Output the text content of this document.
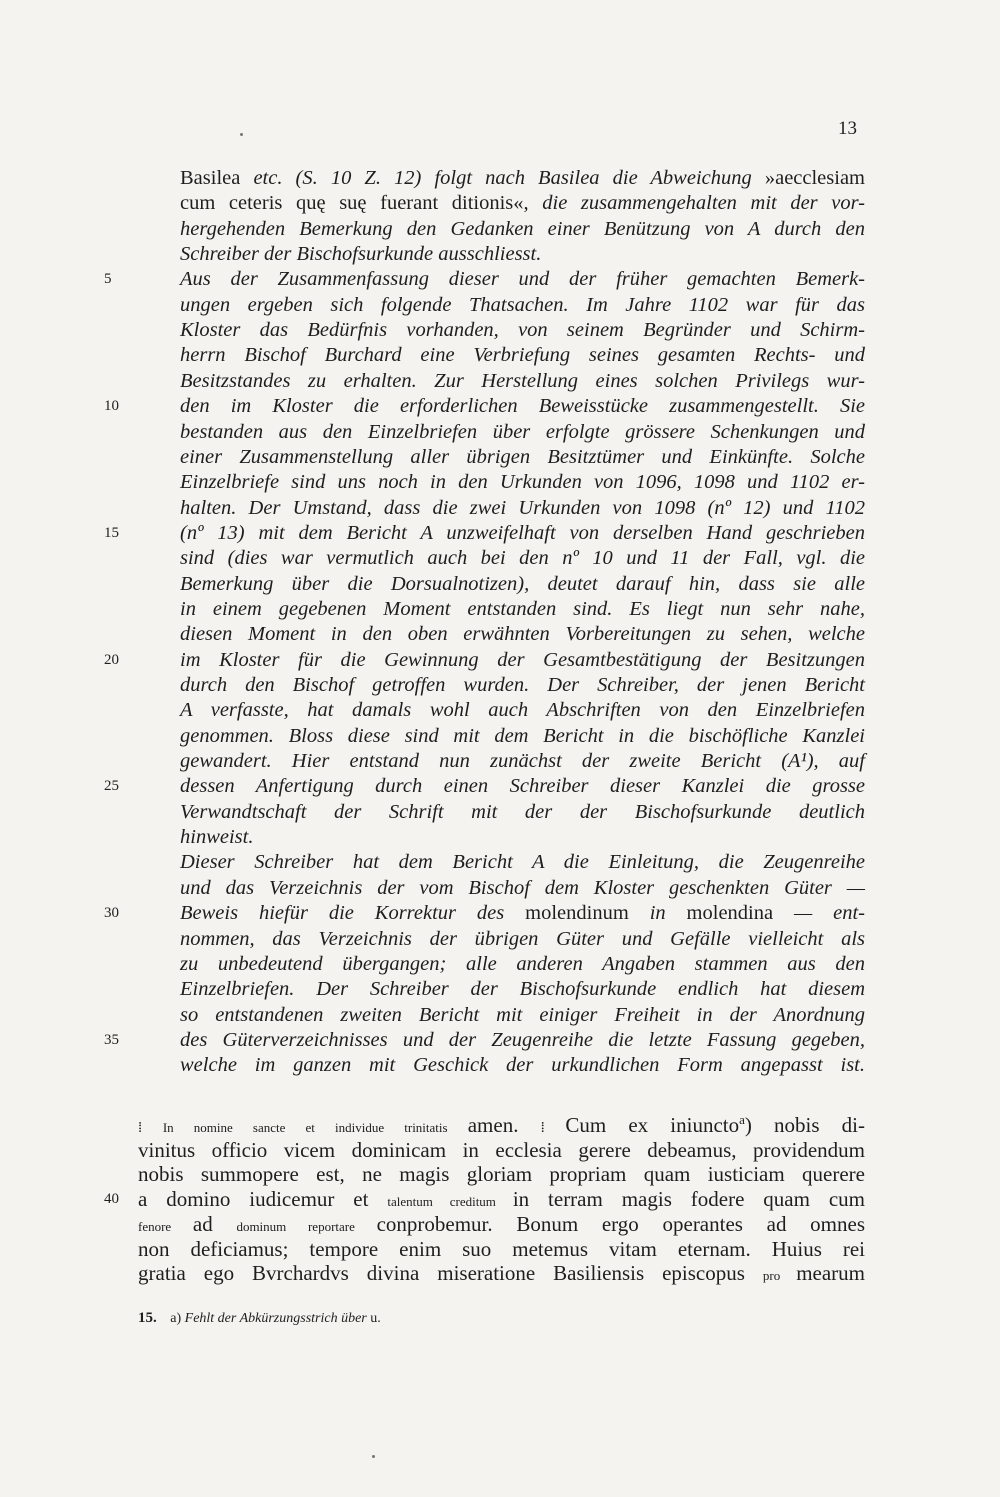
13
Basilea etc. (S. 10 Z. 12) folgt nach Basilea die Abweichung »aecclesiam
cum ceteris quę suę fuerant ditionis«, die zusammengehalten mit der vor-
hergehenden Bemerkung den Gedanken einer Benützung von A durch den
Schreiber der Bischofsurkunde ausschliesst.
Aus der Zusammenfassung dieser und der früher gemachten Bemerk-
ungen ergeben sich folgende Thatsachen. Im Jahre 1102 war für das
Kloster das Bedürfnis vorhanden, von seinem Begründer und Schirm-
herrn Bischof Burchard eine Verbriefung seines gesamten Rechts- und
Besitzstandes zu erhalten. Zur Herstellung eines solchen Privilegs wur-
den im Kloster die erforderlichen Beweisstücke zusammengestellt. Sie
bestanden aus den Einzelbriefen über erfolgte grössere Schenkungen und
einer Zusammenstellung aller übrigen Besitztümer und Einkünfte. Solche
Einzelbriefe sind uns noch in den Urkunden von 1096, 1098 und 1102 er-
halten. Der Umstand, dass die zwei Urkunden von 1098 (nº 12) und 1102
(nº 13) mit dem Bericht A unzweifelhaft von derselben Hand geschrieben
sind (dies war vermutlich auch bei den nº 10 und 11 der Fall, vgl. die
Bemerkung über die Dorsualnotizen), deutet darauf hin, dass sie alle
in einem gegebenen Moment entstanden sind. Es liegt nun sehr nahe,
diesen Moment in den oben erwähnten Vorbereitungen zu sehen, welche
im Kloster für die Gewinnung der Gesamtbestätigung der Besitzungen
durch den Bischof getroffen wurden. Der Schreiber, der jenen Bericht
A verfasste, hat damals wohl auch Abschriften von den Einzelbriefen
genommen. Bloss diese sind mit dem Bericht in die bischöfliche Kanzlei
gewandert. Hier entstand nun zunächst der zweite Bericht (A¹), auf
dessen Anfertigung durch einen Schreiber dieser Kanzlei die grosse
Verwandtschaft der Schrift mit der der Bischofsurkunde deutlich
hinweist.
Dieser Schreiber hat dem Bericht A die Einleitung, die Zeugenreihe
und das Verzeichnis der vom Bischof dem Kloster geschenkten Güter —
Beweis hiefür die Korrektur des molendinum in molendina — ent-
nommen, das Verzeichnis der übrigen Güter und Gefälle vielleicht als
zu unbedeutend übergangen; alle anderen Angaben stammen aus den
Einzelbriefen. Der Schreiber der Bischofsurkunde endlich hat diesem
so entstandenen zweiten Bericht mit einiger Freiheit in der Anordnung
des Güterverzeichnisses und der Zeugenreihe die letzte Fassung gegeben,
welche im ganzen mit Geschick der urkundlichen Form angepasst ist.
5
10
15
20
25
30
35
40
⁞ In nomine sancte et individue trinitatis amen. ⁞ Cum ex iniuncto$^a$) nobis di-
vinitus officio vicem dominicam in ecclesia gerere debeamus, providendum
nobis summopere est, ne magis gloriam propriam quam iusticiam querere
a domino iudicemur et talentum creditum in terram magis fodere quam cum
fenore ad dominum reportare conprobemur. Bonum ergo operantes ad omnes
non deficiamus; tempore enim suo metemus vitam eternam. Huius rei
gratia ego Bvrchardvs divina miseratione Basiliensis episcopus pro mearum
15. a) Fehlt der Abkürzungsstrich über u.
